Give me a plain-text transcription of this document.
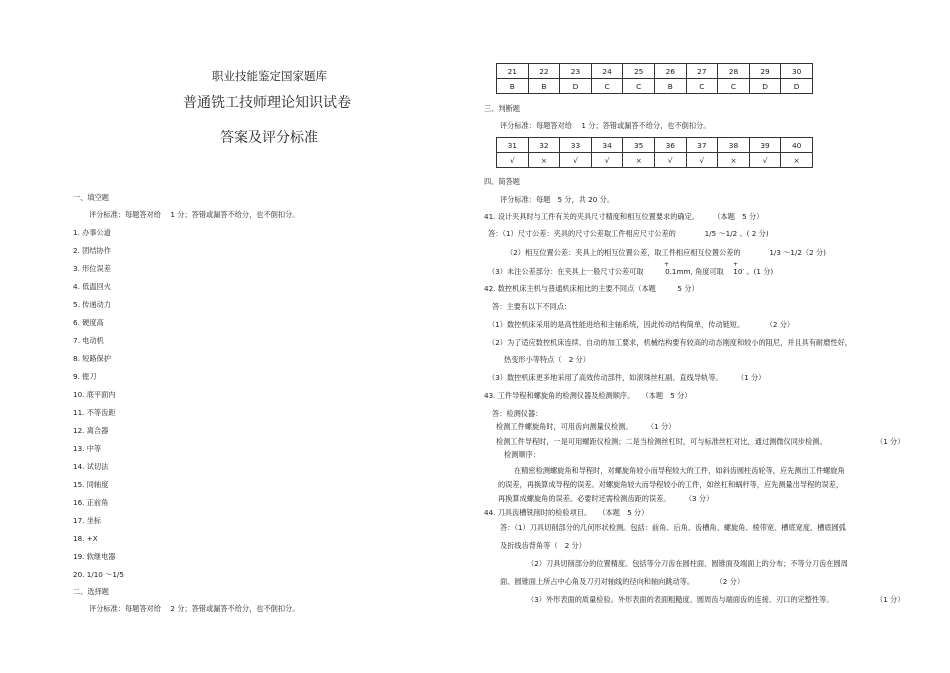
职业技能鉴定国家题库
普通铣工技师理论知识试卷
答案及评分标准
一、填空题
评分标准：每题答对给　 1 分；答错或漏答不给分，也不倒扣分。
1. 办事公道
2. 团结协作
3. 形位误差
4. 低温回火
5. 传递动力
6. 硬度高
7. 电动机
8. 短路保护
9. 镗刀
10. 底平面内
11. 不等齿距
12. 离合器
13. 中等
14. 试切法
15. 同轴度
16. 正前角
17. 坐标
18. +X
19. 软继电器
20. 1/10 ～1/5
二、选择题
评分标准：每题答对给　 2 分；答错或漏答不给分，也不倒扣分。
21	22	23	24	25	26	27	28	29	30
B	B	D	C	C	B	C	C	D	D
三、判断题
评分标准：每题答对给　 1 分；答错或漏答不给分，也不倒扣分。
31	32	33	34	35	36	37	38	39	40
√	×	√	√	×	√	√	×	√	×
四、简答题
评分标准：每题　5 分，共 20 分。
41. 设计夹具时与工件有关的夹具尺寸精度和相互位置要求的确定。　　　（本题　5 分）
答：（1）尺寸公差：夹具的尺寸公差取工件相应尺寸公差的　　　　1/5 ～1/2 。( 2 分)
（2）相互位置公差：夹具上的相互位置公差，取工件相应相互位置公差的　　　　1/3 ～1/2（2 分)
（3）未注公差部分：在夹具上一般尺寸公差可取　　　0.1mm, 角度可取　 10′ 。(1 分)
+	+
42. 数控机床主机与普通机床相比的主要不同点（本题　　　5 分）
答：主要有以下不同点：
（1）数控机床采用的是高性能进给和主轴系统，因此传动结构简单，传动链短。　　　　（2 分）
（2）为了适应数控机床连续、自动的加工要求，机械结构要有较高的动态刚度和较小的阻尼，并且具有耐磨性好，
热变形小等特点（　2 分）
（3）数控机床更多地采用了高效传动部件，如滚珠丝杠副、直线导轨等。　　　（1 分）
43. 工件导程和螺旋角的检测仪器及检测顺序。　　（本题　5 分）
答：检测仪器：
检测工件螺旋角时，可用齿向测量仪检测。　　　（1 分）
检测工件导程时，一是可用螺距仪检测；二是当检测丝杠时，可与标准丝杠对比，通过测微仪同步检测。	（1 分）
检测顺序：
在精密检测螺旋角和导程时，对螺旋角较小而导程较大的工件，如斜齿圆柱齿轮等，应先测出工件螺旋角
的误差，再换算成导程的误差。对螺旋角较大而导程较小的工件，如丝杠和蜗杆等，应先测量出导程的误差，
再换算成螺旋角的误差。必要时还需检测齿距的误差。　　　（3 分）
44. 刀具齿槽铣削时的检验项目。　　（本题　5 分）
答：（1）刀具切削部分的几何形状检测。包括：前角、后角、齿槽角、螺旋角、棱带宽、槽底宽度、槽底圆弧
及折线齿背角等（　2 分）
（2）刀具切削部分的位置精度。包括等分刀齿在圆柱面、圆锥面及端面上的分布；不等分刀齿在圆周
面、圆锥面上所占中心角及刀刃对轴线的径向和轴向跳动等。　　　　（2 分）
（3）外形表面的质量检验。外形表面的表面粗糙度、圆周齿与端面齿的连接、刃口的完整性等。	（1 分）
